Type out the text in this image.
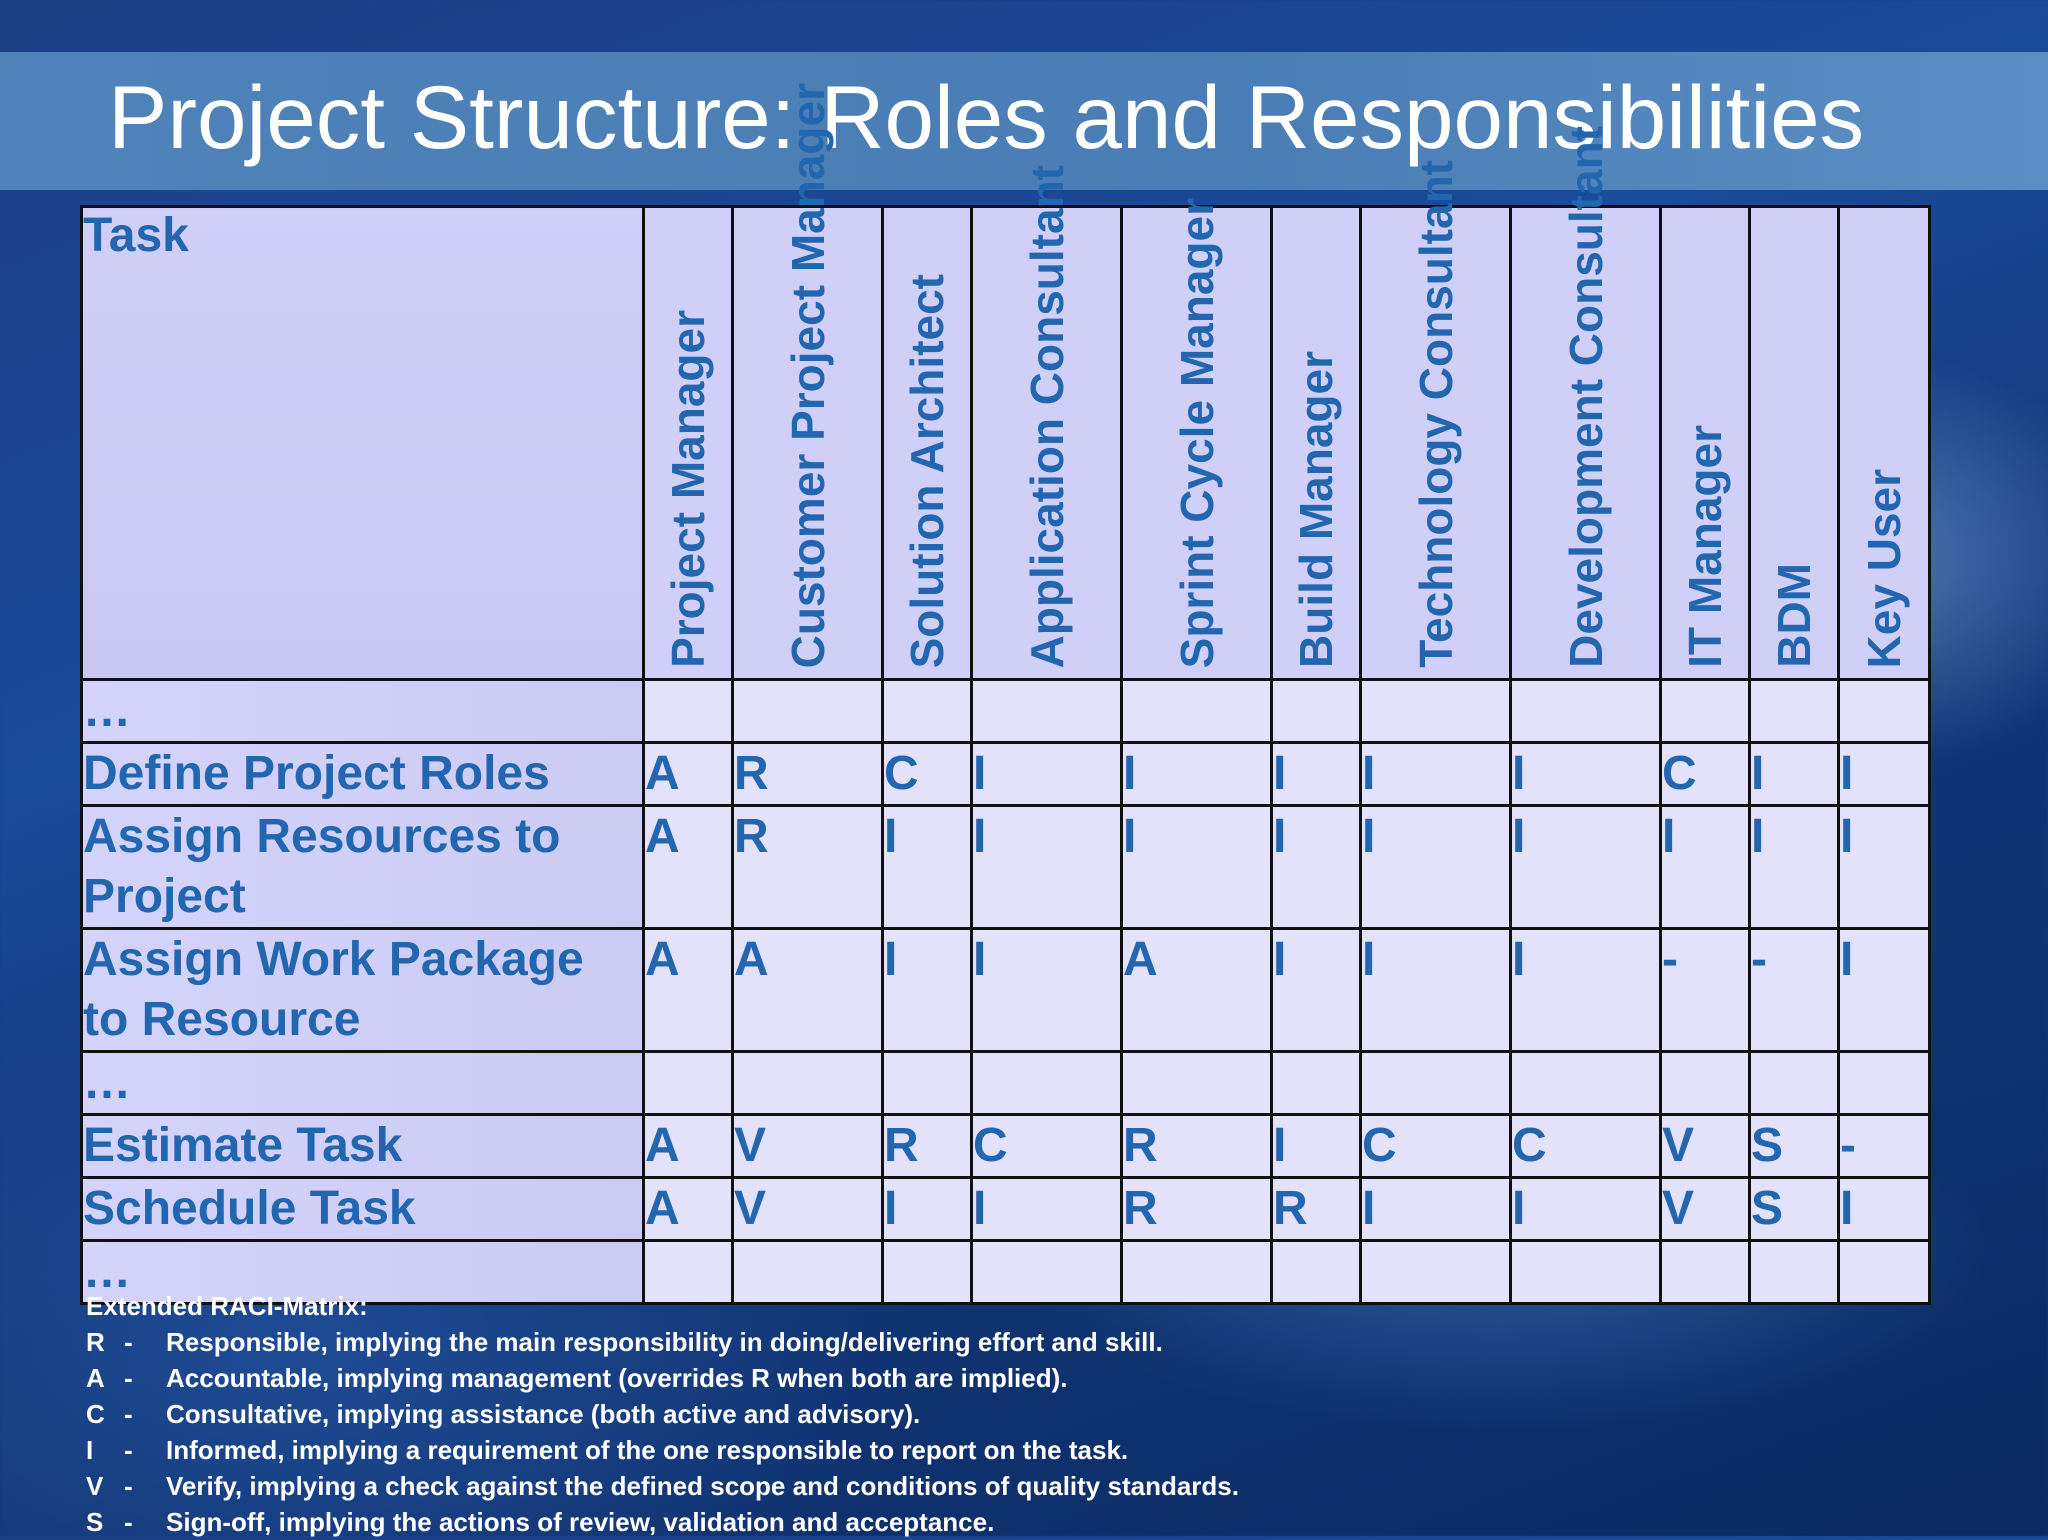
Project Structure: Roles and Responsibilities
Task	Project Manager	Customer Project Manager	Solution Architect	Application Consultant	Sprint Cycle Manager	Build Manager	Technology Consultant	Development Consultant	IT Manager	BDM	Key User

…											
Define Project Roles	A	R	C	I	I	I	I	I	C	I	I
Assign Resources to Project	A	R	I	I	I	I	I	I	I	I	I
Assign Work Package to Resource	A	A	I	I	A	I	I	I	-	-	I
…											
Estimate Task	A	V	R	C	R	I	C	C	V	S	-
Schedule Task	A	V	I	I	R	R	I	I	V	S	I
…											
Extended RACI-Matrix:
R - Responsible, implying the main responsibility in doing/delivering effort and skill.
A - Accountable, implying management (overrides R when both are implied).
C - Consultative, implying assistance (both active and advisory).
I - Informed, implying a requirement of the one responsible to report on the task.
V - Verify, implying a check against the defined scope and conditions of quality standards.
S - Sign-off, implying the actions of review, validation and acceptance.
